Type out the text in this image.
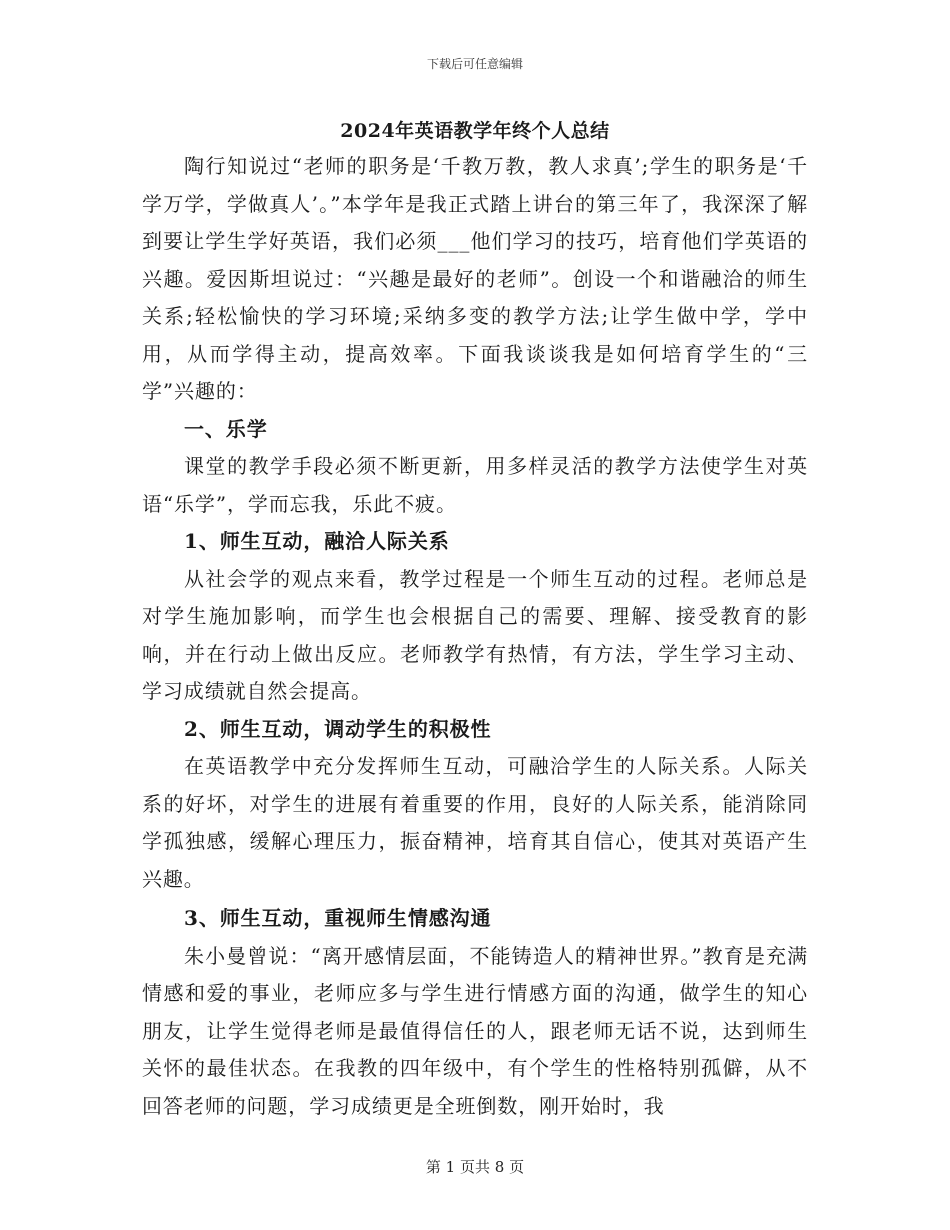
下载后可任意编辑
2024年英语教学年终个人总结

陶行知说过“老师的职务是‘千教万教，教人求真’;学生的职务是‘千学万学，学做真人’。”本学年是我正式踏上讲台的第三年了，我深深了解到要让学生学好英语，我们必须___他们学习的技巧，培育他们学英语的兴趣。爱因斯坦说过：“兴趣是最好的老师”。创设一个和谐融洽的师生关系;轻松愉快的学习环境;采纳多变的教学方法;让学生做中学，学中用，从而学得主动，提高效率。下面我谈谈我是如何培育学生的“三学”兴趣的：

一、乐学

课堂的教学手段必须不断更新，用多样灵活的教学方法使学生对英语“乐学”，学而忘我，乐此不疲。

1、师生互动，融洽人际关系

从社会学的观点来看，教学过程是一个师生互动的过程。老师总是对学生施加影响，而学生也会根据自己的需要、理解、接受教育的影响，并在行动上做出反应。老师教学有热情，有方法，学生学习主动、学习成绩就自然会提高。

2、师生互动，调动学生的积极性

在英语教学中充分发挥师生互动，可融洽学生的人际关系。人际关系的好坏，对学生的进展有着重要的作用，良好的人际关系，能消除同学孤独感，缓解心理压力，振奋精神，培育其自信心，使其对英语产生兴趣。

3、师生互动，重视师生情感沟通

朱小曼曾说：“离开感情层面，不能铸造人的精神世界。”教育是充满情感和爱的事业，老师应多与学生进行情感方面的沟通，做学生的知心朋友，让学生觉得老师是最值得信任的人，跟老师无话不说，达到师生关怀的最佳状态。在我教的四年级中，有个学生的性格特别孤僻，从不回答老师的问题，学习成绩更是全班倒数，刚开始时，我

第 1 页共 8 页
